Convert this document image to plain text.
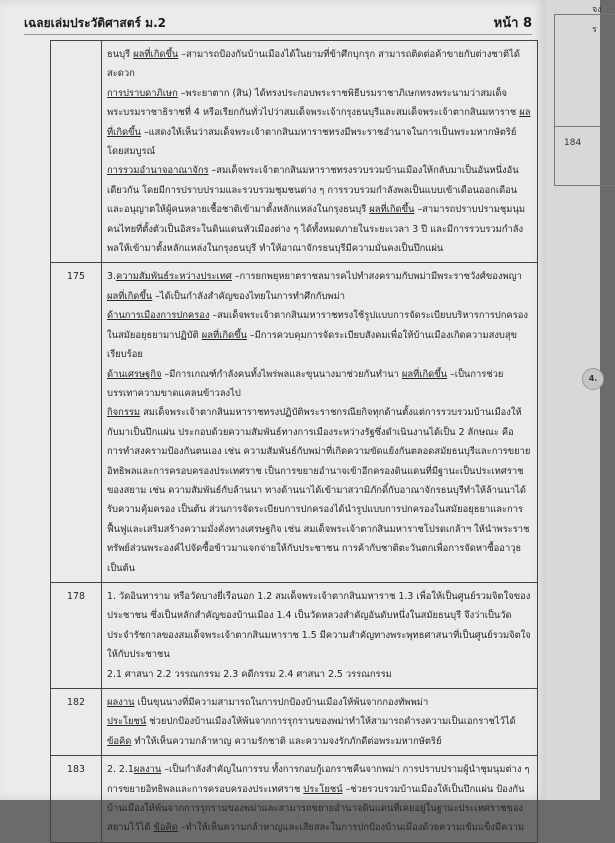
เฉลยเล่มประวัติศาสตร์ ม.2	หน้า 8

	ธนบุรี ผลที่เกิดขึ้น –สามารถป้องกันบ้านเมืองได้ในยามที่ข้าศึกบุกรุก สามารถติดต่อค้าขายกับต่างชาติได้สะดวก

การปราบดาภิเษก –พระยาตาก (สิน) ได้ทรงประกอบพระราชพิธีบรมราชาภิเษกทรงพระนามว่าสมเด็จพระบรมราชาธิราชที่ 4 หรือเรียกกันทั่วไปว่าสมเด็จพระเจ้ากรุงธนบุรีและสมเด็จพระเจ้าตากสินมหาราช ผลที่เกิดขึ้น –แสดงให้เห็นว่าสมเด็จพระเจ้าตากสินมหาราชทรงมีพระราชอำนาจในการเป็นพระมหากษัตริย์โดยสมบูรณ์

การรวมอำนาจอาณาจักร –สมเด็จพระเจ้าตากสินมหาราชทรงรวบรวมบ้านเมืองให้กลับมาเป็นอันหนึ่งอันเดียวกัน โดยมีการปราบปรามและรวบรวมชุมชนต่าง ๆ การรวบรวมกำลังพลเป็นแบบเข้าเดือนออกเดือนและอนุญาตให้ผู้คนหลายเชื้อชาติเข้ามาตั้งหลักแหล่งในกรุงธนบุรี ผลที่เกิดขึ้น –สามารถปราบปรามชุมนุมคนไทยที่ตั้งตัวเป็นอิสระในดินแดนหัวเมืองต่าง ๆ ได้ทั้งหมดภายในระยะเวลา 3 ปี และมีการรวบรวมกำลังพลให้เข้ามาตั้งหลักแหล่งในกรุงธนบุรี ทำให้อาณาจักรธนบุรีมีความมั่นคงเป็นปึกแผ่น

175	3.ความสัมพันธ์ระหว่างประเทศ –การยกพยุหยาตราชลมารคไปทำสงครามกับพม่ามีพระราชวังศ์ของพญา ผลที่เกิดขึ้น –ได้เป็นกำลังสำคัญของไทยในการทำศึกกับพม่า

ด้านการเมืองการปกครอง –สมเด็จพระเจ้าตากสินมหาราชทรงใช้รูปแบบการจัดระเบียบบริหารการปกครองในสมัยอยุธยามาปฏิบัติ ผลที่เกิดขึ้น –มีการควบคุมการจัดระเบียบสังคมเพื่อให้บ้านเมืองเกิดความสงบสุขเรียบร้อย

ด้านเศรษฐกิจ –มีการเกณฑ์กำลังคนทั้งไพร่พลและขุนนางมาช่วยกันทำนา ผลที่เกิดขึ้น –เป็นการช่วยบรรเทาความขาดแคลนข้าวลงไป

กิจกรรม สมเด็จพระเจ้าตากสินมหาราชทรงปฏิบัติพระราชกรณียกิจทุกด้านตั้งแต่การรวบรวมบ้านเมืองให้กับมาเป็นปึกแผ่น ประกอบด้วยความสัมพันธ์ทางการเมืองระหว่างรัฐซึ่งดำเนินงานได้เป็น 2 ลักษณะ คือ การทำสงครามป้องกันตนเอง เช่น ความสัมพันธ์กับพม่าที่เกิดความขัดแย้งกันตลอดสมัยธนบุรีและการขยายอิทธิพลและการครอบครองประเทศราช เป็นการขยายอำนาจเข้าอีกครองดินแดนที่มีฐานะเป็นประเทศราชของสยาม เช่น ความสัมพันธ์กับล้านนา ทางด้านนาได้เข้ามาสวามิภักดิ์กับอาณาจักรธนบุรีทำให้ล้านนาได้รับความคุ้มครอง เป็นต้น ส่วนการจัดระเบียบการปกครองได้นำรูปแบบการปกครองในสมัยอยุธยาและการฟื้นฟูและเสริมสร้างความมั่งคั่งทางเศรษฐกิจ เช่น สมเด็จพระเจ้าตากสินมหาราชโปรดเกล้าฯ ให้นำพระราชทรัพย์ส่วนพระองค์ไปจัดซื้อข้าวมาแจกจ่ายให้กับประชาชน การค้ากับชาติตะวันตกเพื่อการจัดหาซื้ออาวุธ เป็นต้น

178	1. วัดอินทาราม หรือวัดบางยี่เรือนอก 1.2 สมเด็จพระเจ้าตากสินมหาราช 1.3 เพื่อให้เป็นศูนย์รวมจิตใจของประชาชน ซึ่งเป็นหลักสำคัญของบ้านเมือง 1.4 เป็นวัดหลวงสำคัญอันดับหนึ่งในสมัยธนบุรี จึงว่าเป็นวัดประจำรัชกาลของสมเด็จพระเจ้าตากสินมหาราช 1.5 มีความสำคัญทางพระพุทธศาสนาที่เป็นศูนย์รวมจิตใจให้กับประชาชน

2.1 ศาสนา 2.2 วรรณกรรม 2.3 คดีกรรม 2.4 ศาสนา 2.5 วรรณกรรม

182	ผลงาน เป็นขุนนางที่มีความสามารถในการปกป้องบ้านเมืองให้พ้นจากกองทัพพม่า

ประโยชน์ ช่วยปกป้องบ้านเมืองให้พ้นจากการรุกรานของพม่าทำให้สามารถดำรงความเป็นเอกราชไว้ได้

ข้อคิด ทำให้เห็นความกล้าหาญ ความรักชาติ และความจงรักภักดีต่อพระมหากษัตริย์

183	2. 2.1ผลงาน –เป็นกำลังสำคัญในการรบ ทั้งการกอบกู้เอกราชคืนจากพม่า การปราบปรามผู้นำชุมนุมต่าง ๆ การขยายอิทธิพลและการครอบครองประเทศราช ประโยชน์ –ช่วยรวบรวมบ้านเมืองให้เป็นปึกแผ่น ป้องกันบ้านเมืองให้พ้นจากการรุกรานของพม่าและสามารถขยายอำนาจดินแดนที่เคยอยู่ในฐานะประเทศราชของสยามไว้ได้ ข้อคิด –ทำให้เห็นความกล้าหาญและเสียสละในการปกป้องบ้านเมืองด้วยความเข้มแข็งมีความ

184
จง
ร
4.
